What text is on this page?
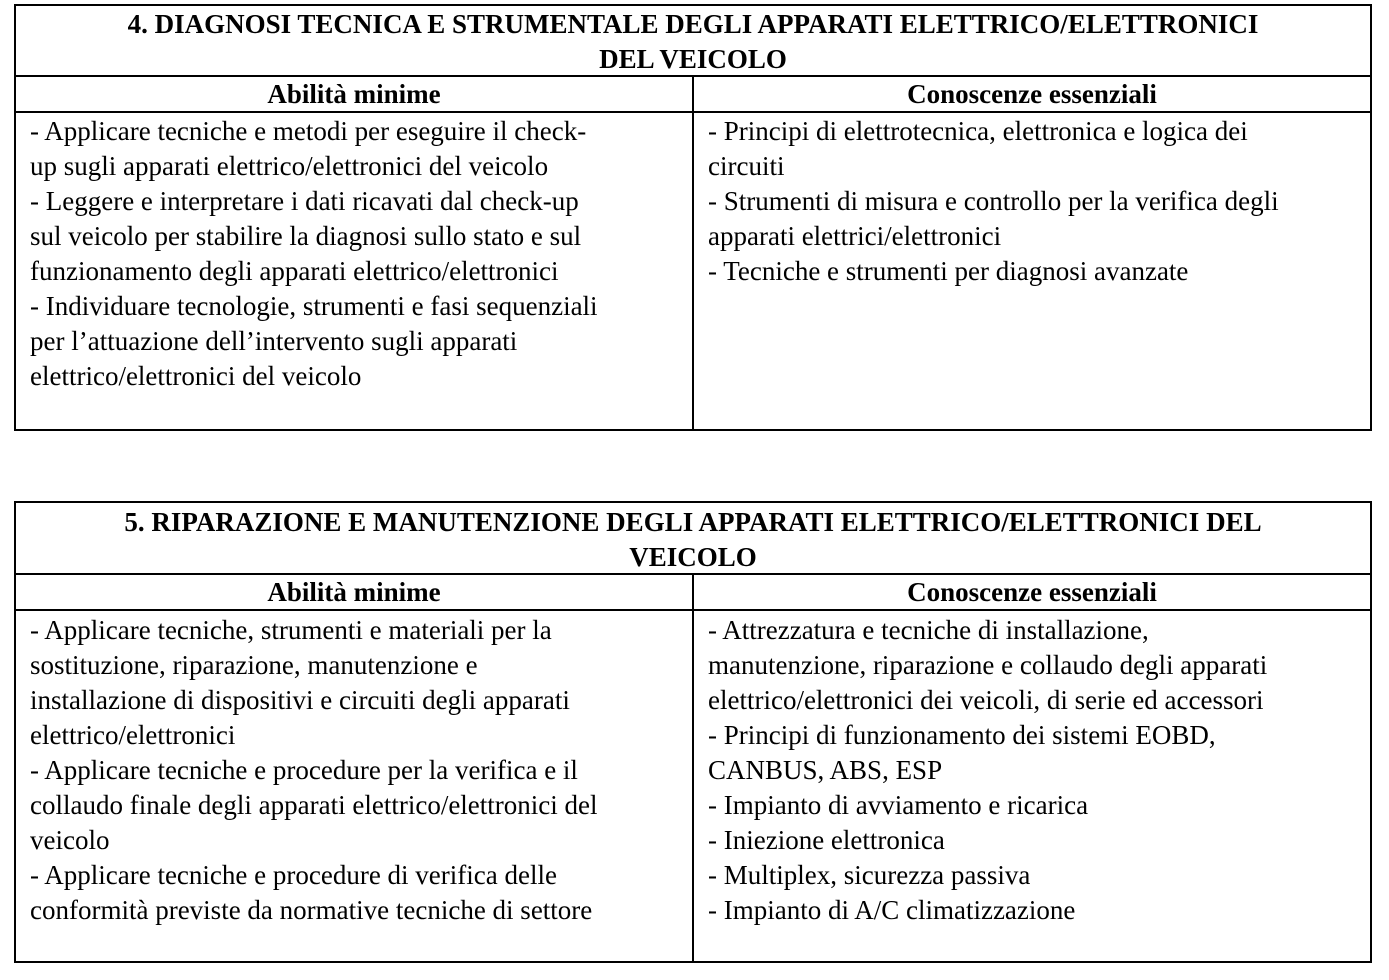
4. DIAGNOSI TECNICA E STRUMENTALE DEGLI APPARATI ELETTRICO/ELETTRONICI
DEL VEICOLO
Abilità minime	Conoscenze essenziali
- Applicare tecniche e metodi per eseguire il check-
up sugli apparati elettrico/elettronici del veicolo
- Leggere e interpretare i dati ricavati dal check-up
sul veicolo per stabilire la diagnosi sullo stato e sul
funzionamento degli apparati elettrico/elettronici
- Individuare tecnologie, strumenti e fasi sequenziali
per l’attuazione dell’intervento sugli apparati
elettrico/elettronici del veicolo
- Principi di elettrotecnica, elettronica e logica dei
circuiti
- Strumenti di misura e controllo per la verifica degli
apparati elettrici/elettronici
- Tecniche e strumenti per diagnosi avanzate
5. RIPARAZIONE E MANUTENZIONE DEGLI APPARATI ELETTRICO/ELETTRONICI DEL
VEICOLO
Abilità minime	Conoscenze essenziali
- Applicare tecniche, strumenti e materiali per la
sostituzione, riparazione, manutenzione e
installazione di dispositivi e circuiti degli apparati
elettrico/elettronici
- Applicare tecniche e procedure per la verifica e il
collaudo finale degli apparati elettrico/elettronici del
veicolo
- Applicare tecniche e procedure di verifica delle
conformità previste da normative tecniche di settore
- Attrezzatura e tecniche di installazione,
manutenzione, riparazione e collaudo degli apparati
elettrico/elettronici dei veicoli, di serie ed accessori
- Principi di funzionamento dei sistemi EOBD,
CANBUS, ABS, ESP
- Impianto di avviamento e ricarica
- Iniezione elettronica
- Multiplex, sicurezza passiva
- Impianto di A/C climatizzazione
